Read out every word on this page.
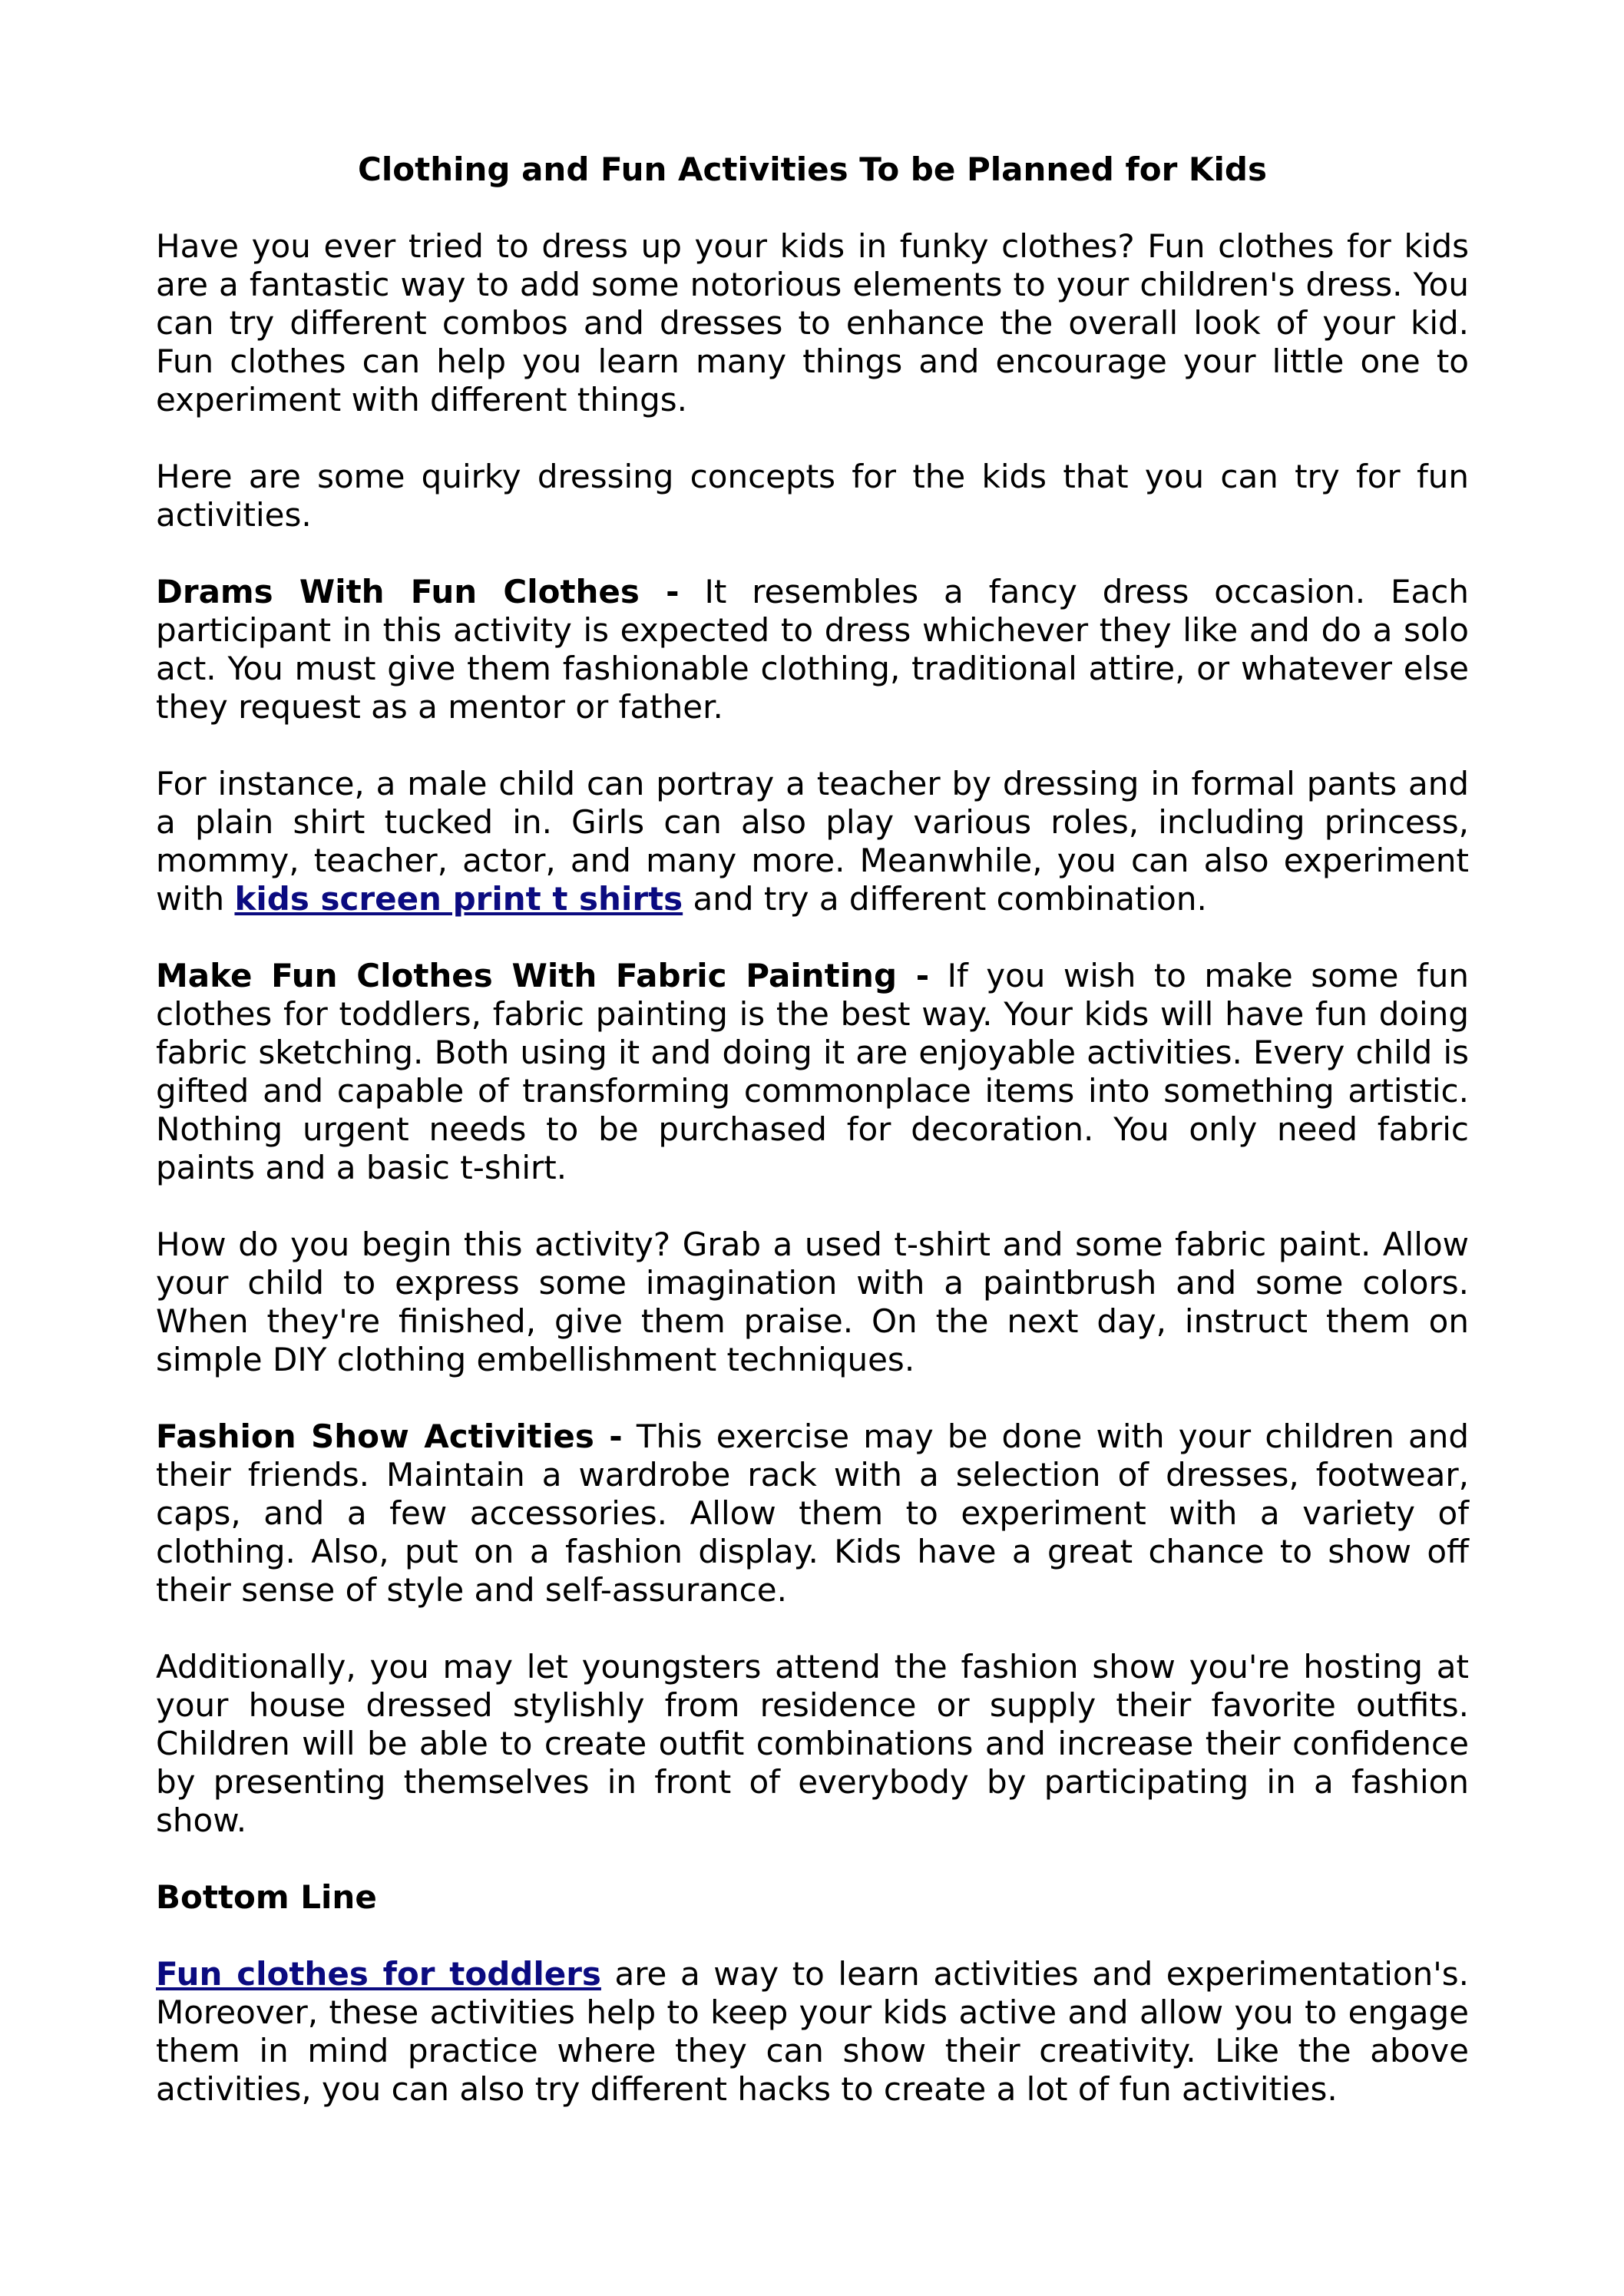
Clothing and Fun Activities To be Planned for Kids

Have you ever tried to dress up your kids in funky clothes? Fun clothes for kids are a fantastic way to add some notorious elements to your children's dress. You can try different combos and dresses to enhance the overall look of your kid. Fun clothes can help you learn many things and encourage your little one to experiment with different things.

Here are some quirky dressing concepts for the kids that you can try for fun activities.

Drams With Fun Clothes - It resembles a fancy dress occasion. Each participant in this activity is expected to dress whichever they like and do a solo act. You must give them fashionable clothing, traditional attire, or whatever else they request as a mentor or father.

For instance, a male child can portray a teacher by dressing in formal pants and a plain shirt tucked in. Girls can also play various roles, including princess, mommy, teacher, actor, and many more. Meanwhile, you can also experiment with kids screen print t shirts and try a different combination.

Make Fun Clothes With Fabric Painting - If you wish to make some fun clothes for toddlers, fabric painting is the best way. Your kids will have fun doing fabric sketching. Both using it and doing it are enjoyable activities. Every child is gifted and capable of transforming commonplace items into something artistic. Nothing urgent needs to be purchased for decoration. You only need fabric paints and a basic t-shirt.

How do you begin this activity? Grab a used t-shirt and some fabric paint. Allow your child to express some imagination with a paintbrush and some colors. When they're finished, give them praise. On the next day, instruct them on simple DIY clothing embellishment techniques.

Fashion Show Activities - This exercise may be done with your children and their friends. Maintain a wardrobe rack with a selection of dresses, footwear, caps, and a few accessories. Allow them to experiment with a variety of clothing. Also, put on a fashion display. Kids have a great chance to show off their sense of style and self-assurance.

Additionally, you may let youngsters attend the fashion show you're hosting at your house dressed stylishly from residence or supply their favorite outfits. Children will be able to create outfit combinations and increase their confidence by presenting themselves in front of everybody by participating in a fashion show.

Bottom Line

Fun clothes for toddlers are a way to learn activities and experimentation's. Moreover, these activities help to keep your kids active and allow you to engage them in mind practice where they can show their creativity. Like the above activities, you can also try different hacks to create a lot of fun activities.
